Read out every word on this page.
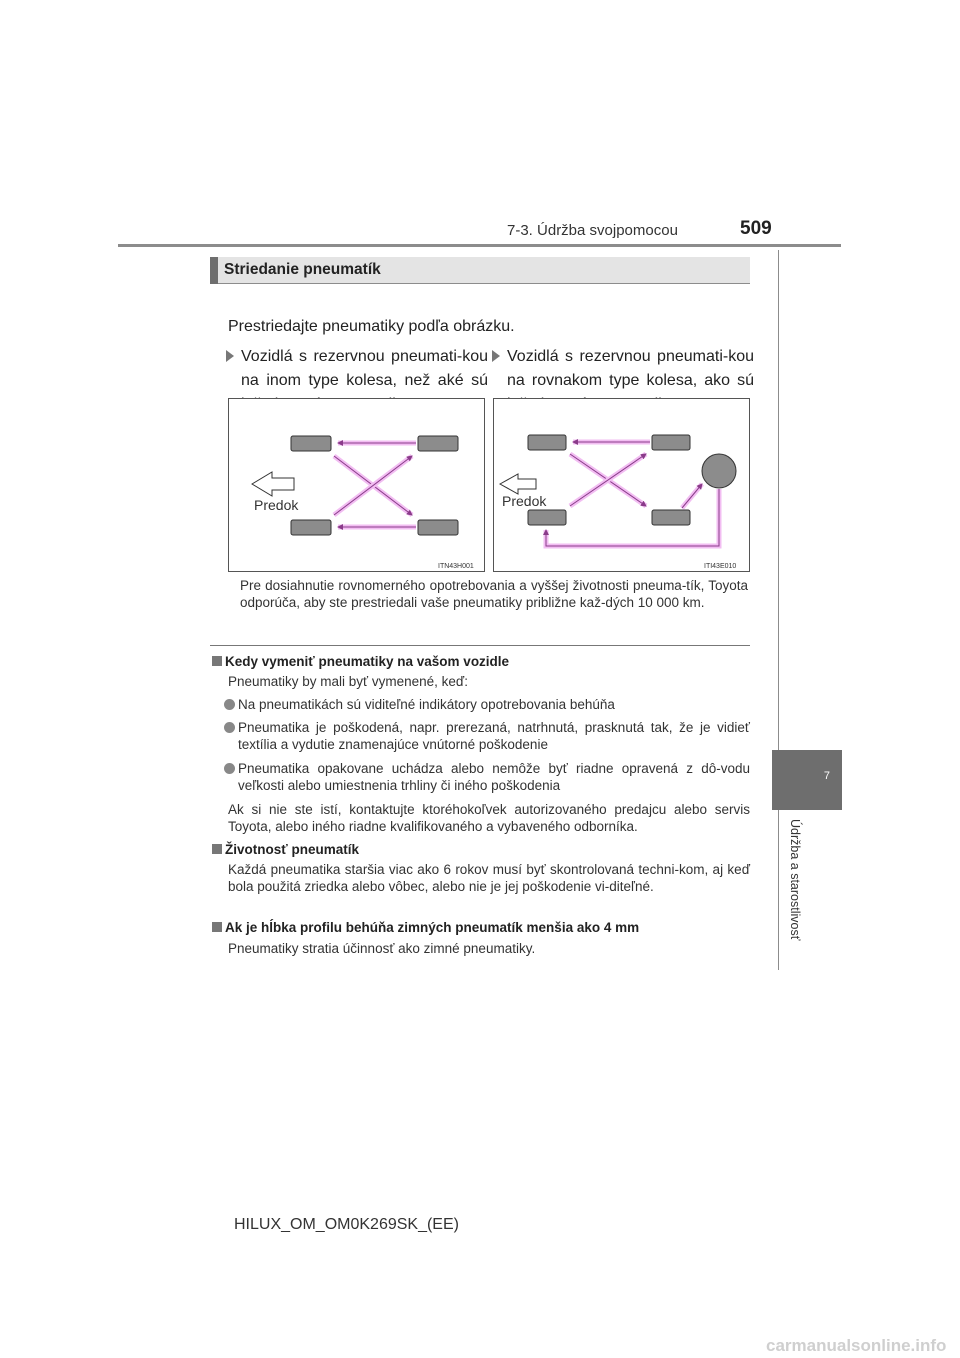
7-3. Údržba svojpomocou	509
Striedanie pneumatík
Prestriedajte pneumatiky podľa obrázku.
Vozidlá s rezervnou pneumati-kou na inom type kolesa, než aké sú
Vozidlá s rezervnou pneumati-kou na rovnakom type kolesa, ako sú
Predok	Predok
ITN43H001	ITI43E010
Pre dosiahnutie rovnomerného opotrebovania a vyššej životnosti pneuma-tík, Toyota odporúča, aby ste prestriedali vaše pneumatiky približne kaž-dých 10 000 km.
Kedy vymeniť pneumatiky na vašom vozidle
Pneumatiky by mali byť vymenené, keď:
Na pneumatikách sú viditeľné indikátory opotrebovania behúňa
Pneumatika je poškodená, napr. prerezaná, natrhnutá, prasknutá tak, že je vidieť textília a vydutie znamenajúce vnútorné poškodenie
Pneumatika opakovane uchádza alebo nemôže byť riadne opravená z dô-vodu veľkosti alebo umiestnenia trhliny či iného poškodenia
Ak si nie ste istí, kontaktujte ktoréhokoľvek autorizovaného predajcu alebo servis Toyota, alebo iného riadne kvalifikovaného a vybaveného odborníka.
Životnosť pneumatík
Každá pneumatika staršia viac ako 6 rokov musí byť skontrolovaná techni-kom, aj keď bola použitá zriedka alebo vôbec, alebo nie je jej poškodenie vi-diteľné.
Ak je hĺbka profilu behúňa zimných pneumatík menšia ako 4 mm
Pneumatiky stratia účinnosť ako zimné pneumatiky.
7
Údržba a starostlivosť
HILUX_OM_OM0K269SK_(EE)
carmanualsonline.info
